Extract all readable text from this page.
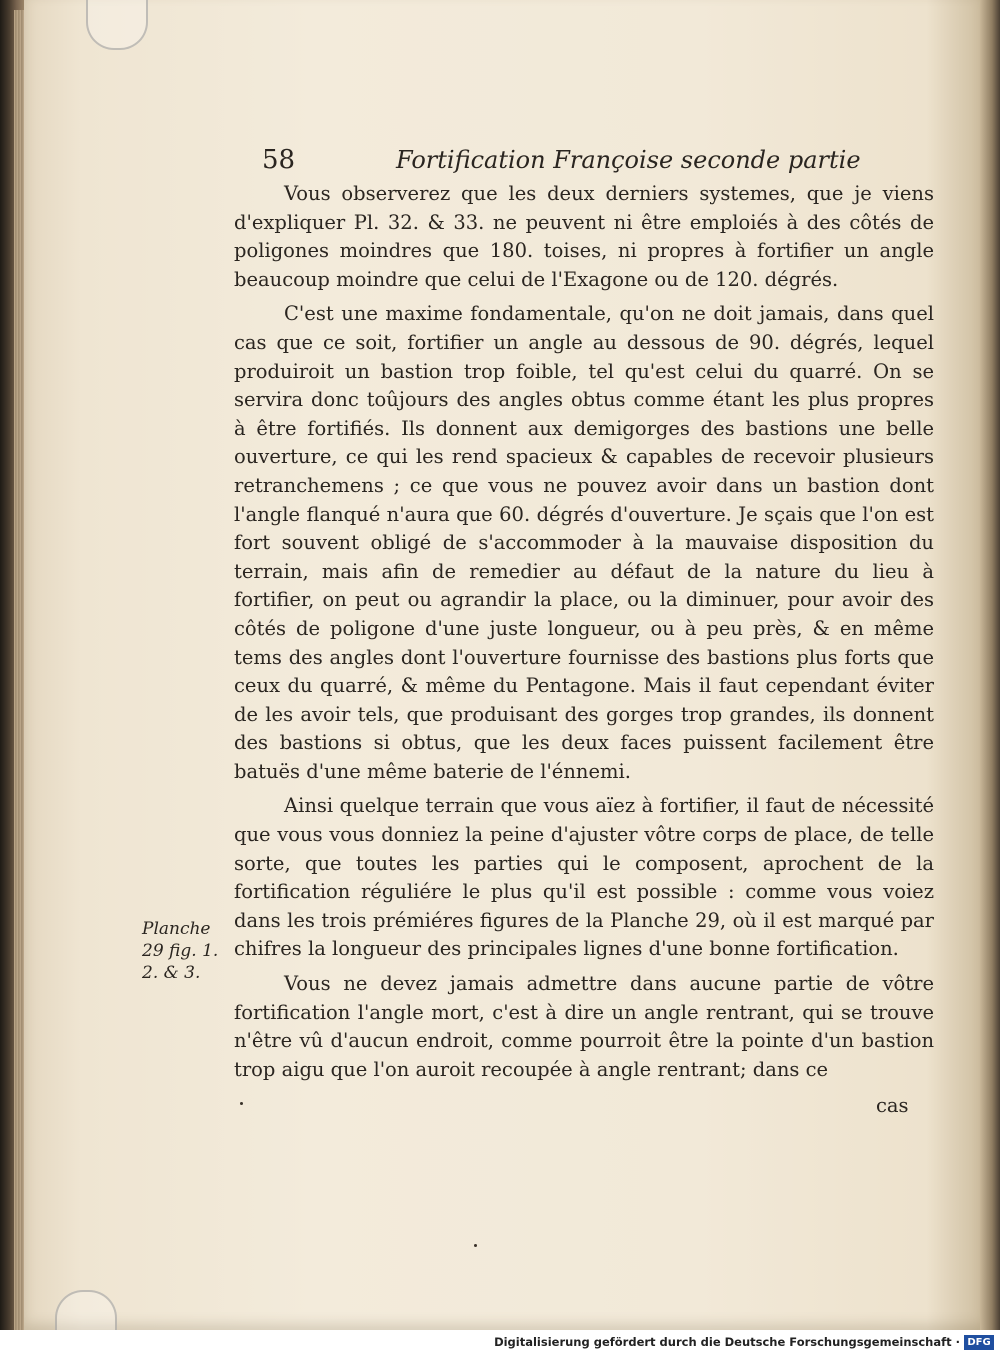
58	Fortification Françoise seconde partie

Vous observerez que les deux derniers systemes, que je viens d'expliquer Pl. 32. & 33. ne peuvent ni être emploiés à des côtés de poligones moindres que 180. toises, ni propres à fortifier un angle beaucoup moindre que celui de l'Exagone ou de 120. dégrés.

C'est une maxime fondamentale, qu'on ne doit jamais, dans quel cas que ce soit, fortifier un angle au dessous de 90. dégrés, lequel produiroit un bastion trop foible, tel qu'est celui du quarré. On se servira donc toûjours des angles obtus comme étant les plus propres à être fortifiés. Ils donnent aux demigorges des bastions une belle ouverture, ce qui les rend spacieux & capables de recevoir plusieurs retranchemens ; ce que vous ne pouvez avoir dans un bastion dont l'angle flanqué n'aura que 60. dégrés d'ouverture. Je sçais que l'on est fort souvent obligé de s'accommoder à la mauvaise disposition du terrain, mais afin de remedier au défaut de la nature du lieu à fortifier, on peut ou agrandir la place, ou la diminuer, pour avoir des côtés de poligone d'une juste longueur, ou à peu près, & en même tems des angles dont l'ouverture fournisse des bastions plus forts que ceux du quarré, & même du Pentagone. Mais il faut cependant éviter de les avoir tels, que produisant des gorges trop grandes, ils donnent des bastions si obtus, que les deux faces puissent facilement être batuës d'une même baterie de l'énnemi.

Ainsi quelque terrain que vous aïez à fortifier, il faut de nécessité que vous vous donniez la peine d'ajuster vôtre corps de place, de telle sorte, que toutes les parties qui le composent, aprochent de la fortification réguliére le plus qu'il est possible : comme vous voiez dans les trois prémiéres figures de la Planche 29, où il est marqué par chifres la longueur des principales lignes d'une bonne fortification.

Vous ne devez jamais admettre dans aucune partie de vôtre fortification l'angle mort, c'est à dire un angle rentrant, qui se trouve n'être vû d'aucun endroit, comme pourroit être la pointe d'un bastion trop aigu que l'on auroit recoupée à angle rentrant; dans ce

cas
Planche
29 fig. 1.
2. & 3.
Digitalisierung gefördert durch die Deutsche Forschungsgemeinschaft · DFG
